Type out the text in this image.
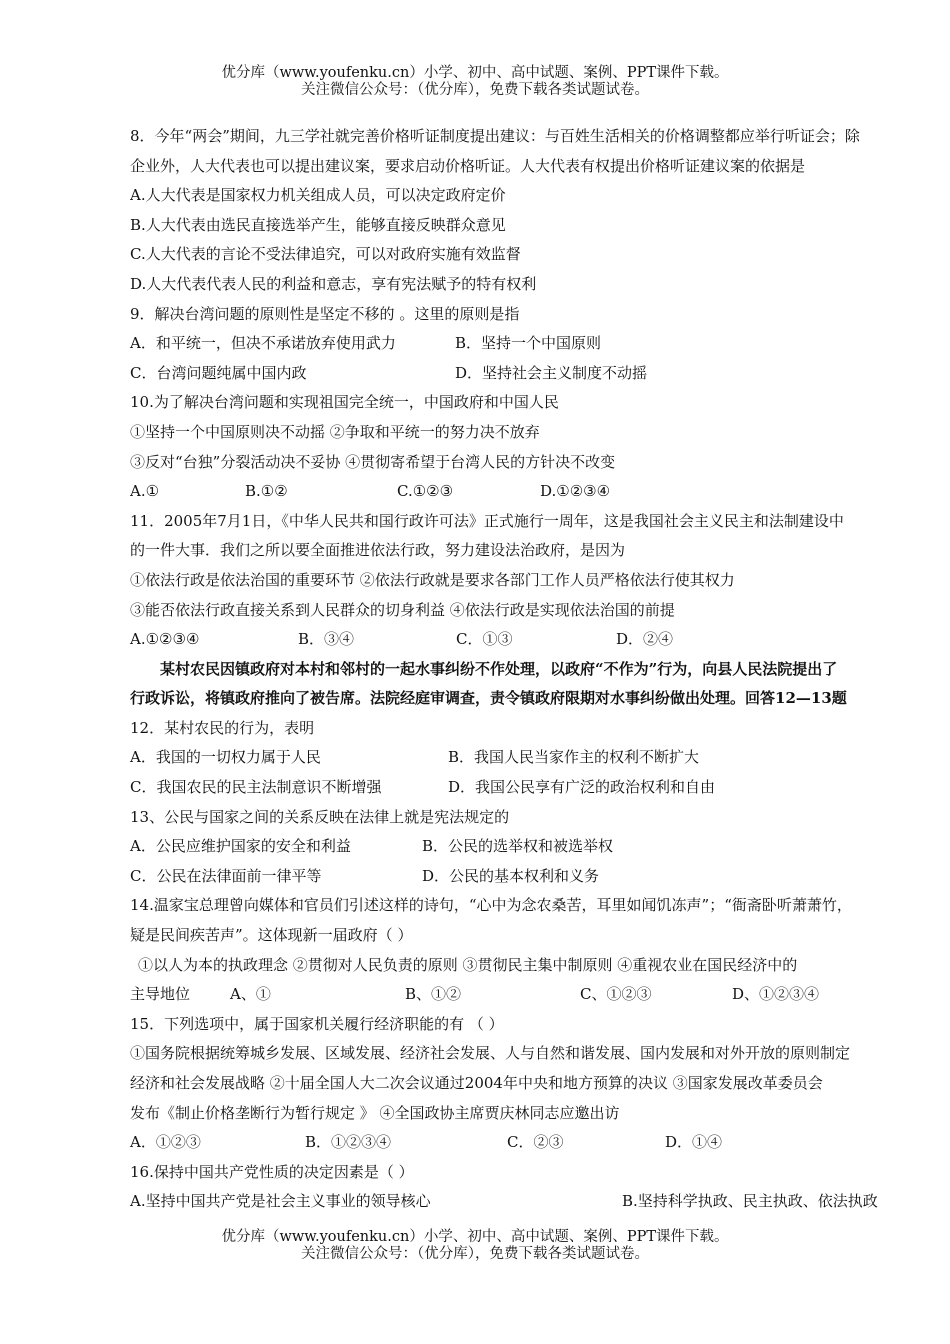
优分库（www.youfenku.cn）小学、初中、高中试题、案例、PPT课件下载。
关注微信公众号：（优分库），免费下载各类试题试卷。
8．今年“两会”期间，九三学社就完善价格听证制度提出建议：与百姓生活相关的价格调整都应举行听证会；除
企业外，人大代表也可以提出建议案，要求启动价格听证。人大代表有权提出价格听证建议案的依据是
A.人大代表是国家权力机关组成人员，可以决定政府定价
B.人大代表由选民直接选举产生，能够直接反映群众意见
C.人大代表的言论不受法律追究，可以对政府实施有效监督
D.人大代表代表人民的利益和意志，享有宪法赋予的特有权利
9．解决台湾问题的原则性是坚定不移的 。这里的原则是指
A．和平统一，但决不承诺放弃使用武力	B．坚持一个中国原则
C．台湾问题纯属中国内政	D．坚持社会主义制度不动摇
10.为了解决台湾问题和实现祖国完全统一，中国政府和中国人民
①坚持一个中国原则决不动摇 ②争取和平统一的努力决不放弃
③反对“台独”分裂活动决不妥协 ④贯彻寄希望于台湾人民的方针决不改变
A.①	B.①②	C.①②③	D.①②③④
11．2005年7月1日，《中华人民共和国行政许可法》正式施行一周年，这是我国社会主义民主和法制建设中
的一件大事．我们之所以要全面推进依法行政，努力建设法治政府，是因为
①依法行政是依法治国的重要环节 ②依法行政就是要求各部门工作人员严格依法行使其权力
③能否依法行政直接关系到人民群众的切身利益 ④依法行政是实现依法治国的前提
A.①②③④	B．③④	C．①③	D．②④
某村农民因镇政府对本村和邻村的一起水事纠纷不作处理，以政府“不作为”行为，向县人民法院提出了
行政诉讼，将镇政府推向了被告席。法院经庭审调查，责令镇政府限期对水事纠纷做出处理。回答12—13题
12．某村农民的行为，表明
A．我国的一切权力属于人民	B．我国人民当家作主的权利不断扩大
C．我国农民的民主法制意识不断增强	D．我国公民享有广泛的政治权利和自由
13、公民与国家之间的关系反映在法律上就是宪法规定的
A．公民应维护国家的安全和利益	B．公民的选举权和被选举权
C．公民在法律面前一律平等	D．公民的基本权利和义务
14.温家宝总理曾向媒体和官员们引述这样的诗句，“心中为念农桑苦，耳里如闻饥冻声”；“衙斋卧听萧萧竹，
疑是民间疾苦声”。这体现新一届政府（ ）
①以人为本的执政理念 ②贯彻对人民负责的原则 ③贯彻民主集中制原则 ④重视农业在国民经济中的
主导地位	A、①	B、①②	C、①②③	D、①②③④
15．下列选项中，属于国家机关履行经济职能的有 （ ）
①国务院根据统筹城乡发展、区域发展、经济社会发展、人与自然和谐发展、国内发展和对外开放的原则制定
经济和社会发展战略 ②十届全国人大二次会议通过2004年中央和地方预算的决议 ③国家发展改革委员会
发布《制止价格垄断行为暂行规定 》 ④全国政协主席贾庆林同志应邀出访
A．①②③	B．①②③④	C．②③	D．①④
16.保持中国共产党性质的决定因素是（ ）
A.坚持中国共产党是社会主义事业的领导核心	B.坚持科学执政、民主执政、依法执政
优分库（www.youfenku.cn）小学、初中、高中试题、案例、PPT课件下载。
关注微信公众号：（优分库），免费下载各类试题试卷。
